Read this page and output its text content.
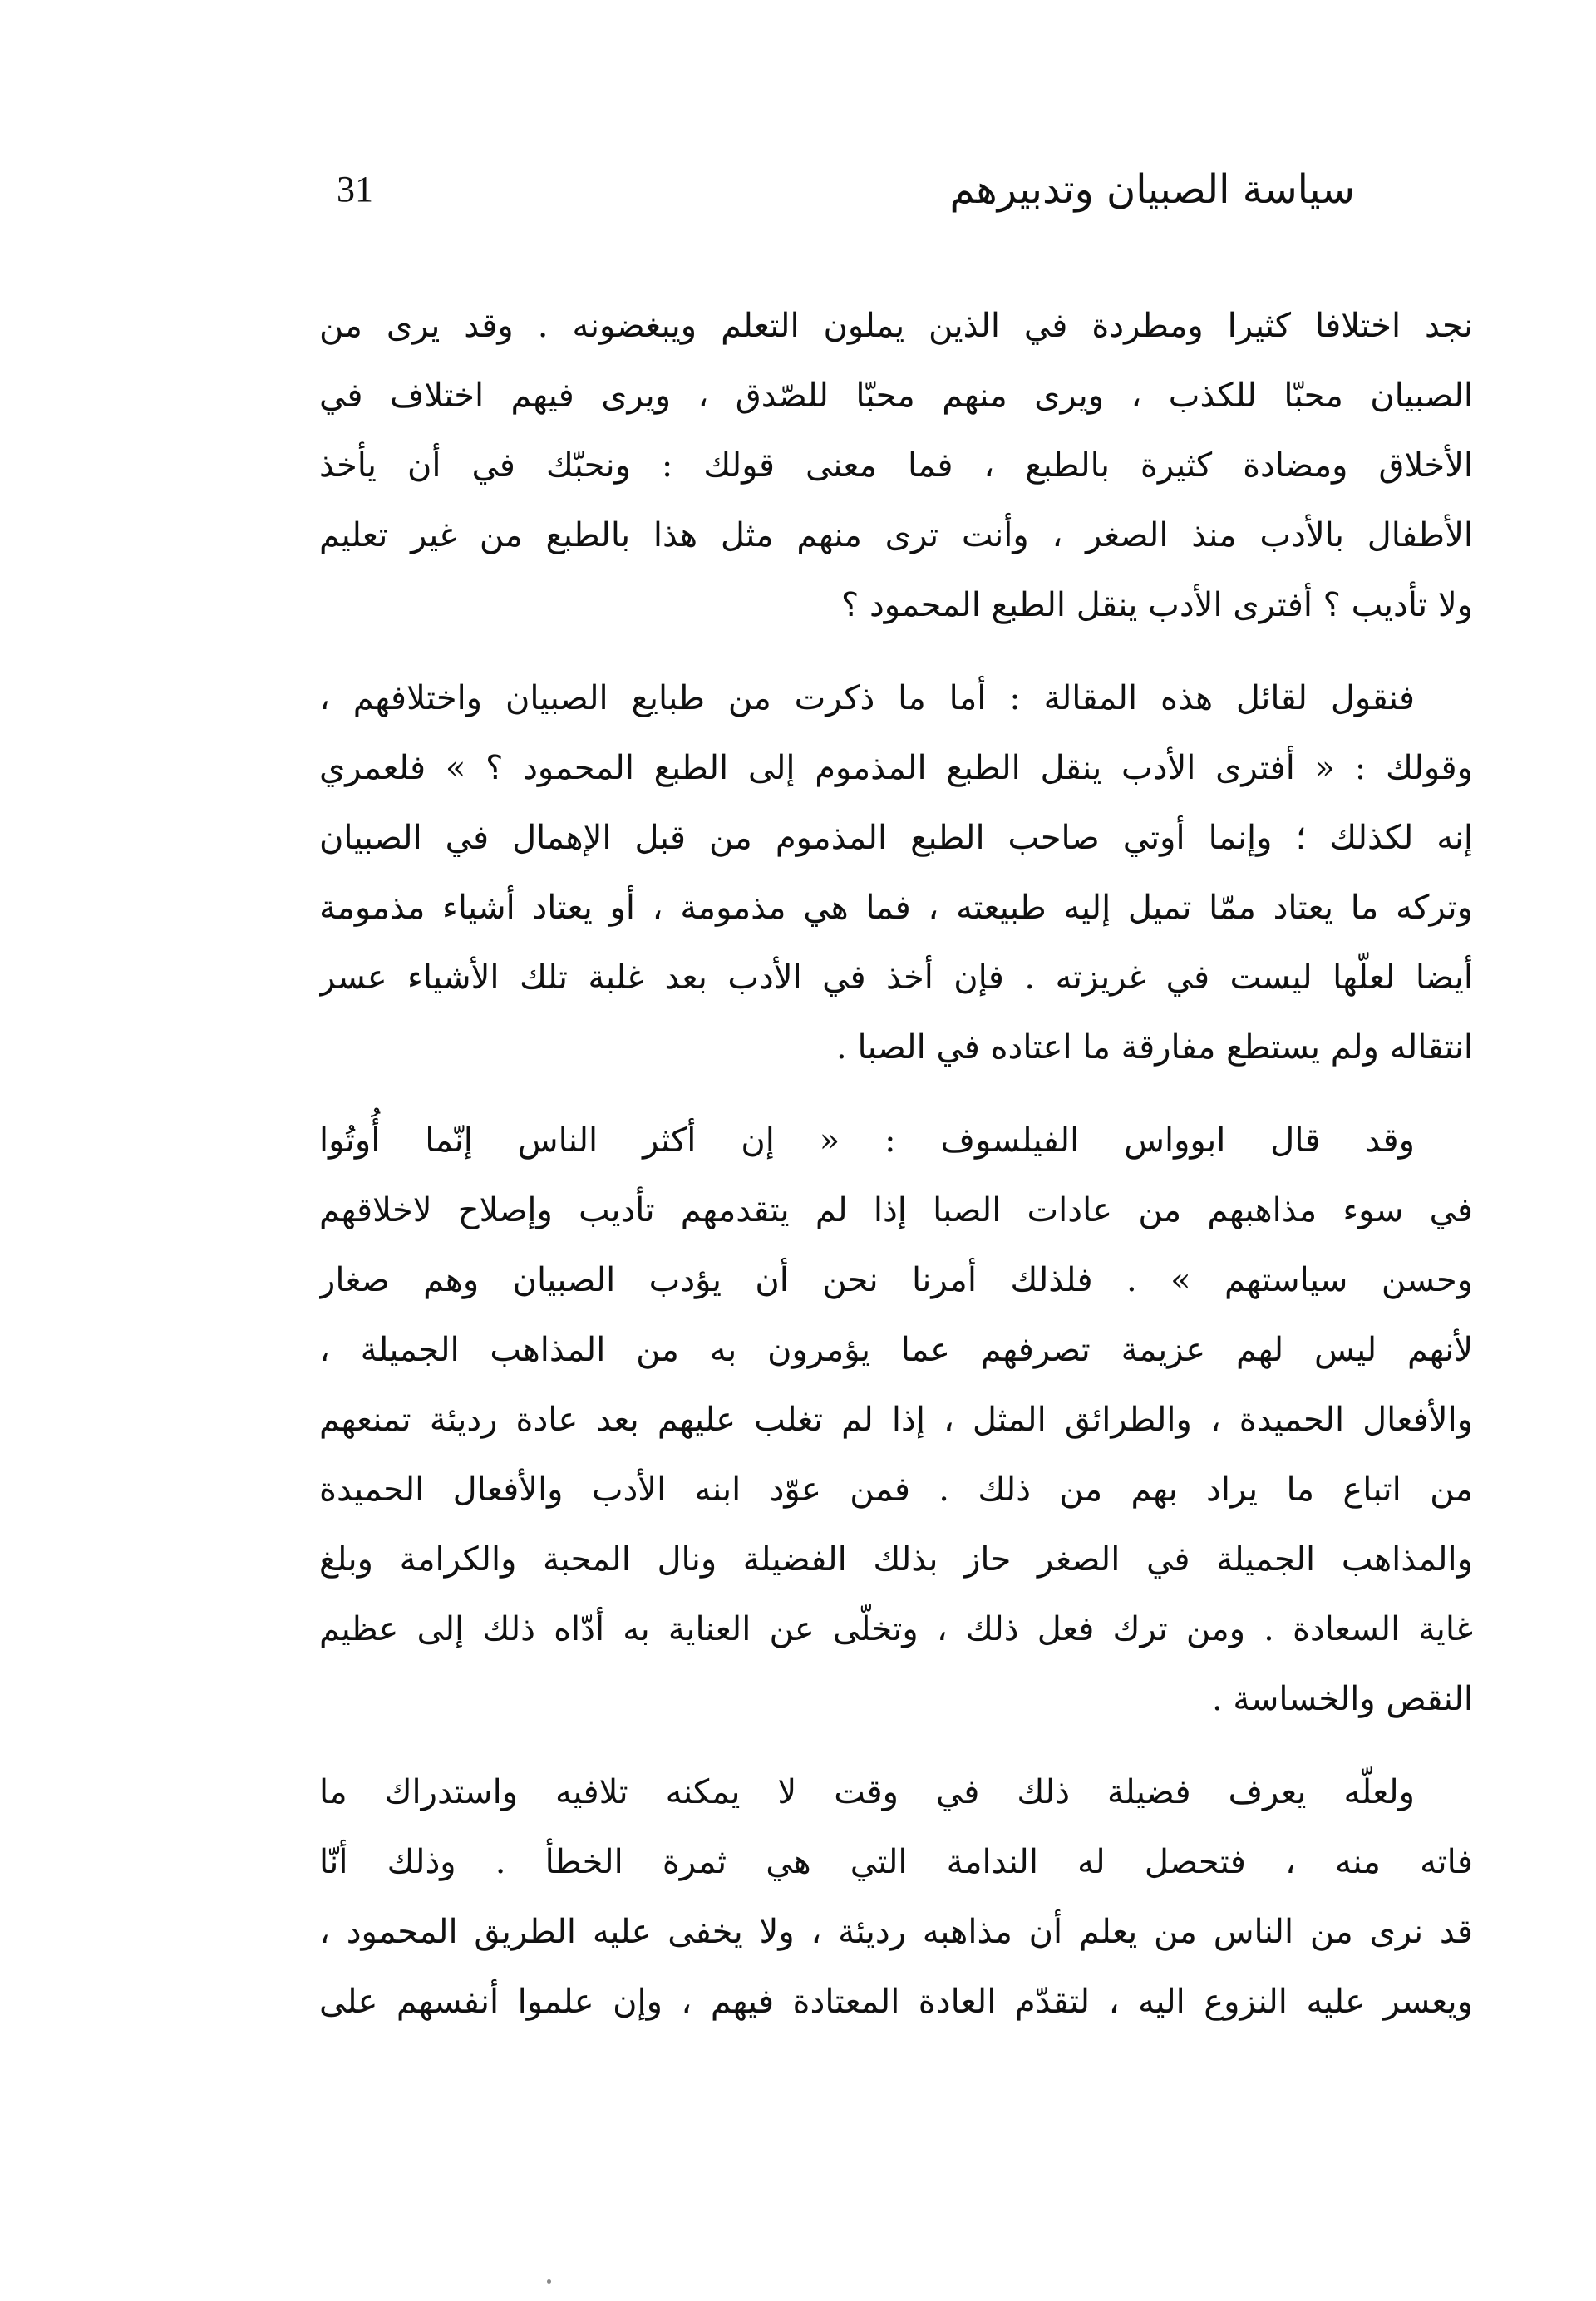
31	سياسة الصبيان وتدبيرهم
نجد اختلافا كثيرا ومطردة في الذين يملون التعلم ويبغضونه . وقد يرى من
الصبيان محبّا للكذب ، ويرى منهم محبّا للصّدق ، ويرى فيهم اختلاف في
الأخلاق ومضادة كثيرة بالطبع ، فما معنى قولك : ونحبّك في أن يأخذ
الأطفال بالأدب منذ الصغر ، وأنت ترى منهم مثل هذا بالطبع من غير تعليم
ولا تأديب ؟ أفترى الأدب ينقل الطبع المحمود ؟
فنقول لقائل هذه المقالة : أما ما ذكرت من طبايع الصبيان واختلافهم ،
وقولك : « أفترى الأدب ينقل الطبع المذموم إلى الطبع المحمود ؟ » فلعمري
إنه لكذلك ؛ وإنما أوتي صاحب الطبع المذموم من قبل الإهمال في الصبيان
وتركه ما يعتاد ممّا تميل إليه طبيعته ، فما هي مذمومة ، أو يعتاد أشياء مذمومة
أيضا لعلّها ليست في غريزته . فإن أخذ في الأدب بعد غلبة تلك الأشياء عسر
انتقاله ولم يستطع مفارقة ما اعتاده في الصبا .
وقد قال ابوواس الفيلسوف : « إن أكثر الناس إنّما أُوتُوا
في سوء مذاهبهم من عادات الصبا إذا لم يتقدمهم تأديب وإصلاح لاخلاقهم
وحسن سياستهم » . فلذلك أمرنا نحن أن يؤدب الصبيان وهم صغار
لأنهم ليس لهم عزيمة تصرفهم عما يؤمرون به من المذاهب الجميلة ،
والأفعال الحميدة ، والطرائق المثل ، إذا لم تغلب عليهم بعد عادة رديئة تمنعهم
من اتباع ما يراد بهم من ذلك . فمن عوّد ابنه الأدب والأفعال الحميدة
والمذاهب الجميلة في الصغر حاز بذلك الفضيلة ونال المحبة والكرامة وبلغ
غاية السعادة . ومن ترك فعل ذلك ، وتخلّى عن العناية به أدّاه ذلك إلى عظيم
النقص والخساسة .
ولعلّه يعرف فضيلة ذلك في وقت لا يمكنه تلافيه واستدراك ما
فاته منه ، فتحصل له الندامة التي هي ثمرة الخطأ . وذلك أنّا
قد نرى من الناس من يعلم أن مذاهبه رديئة ، ولا يخفى عليه الطريق المحمود ،
ويعسر عليه النزوع اليه ، لتقدّم العادة المعتادة فيهم ، وإن علموا أنفسهم على
